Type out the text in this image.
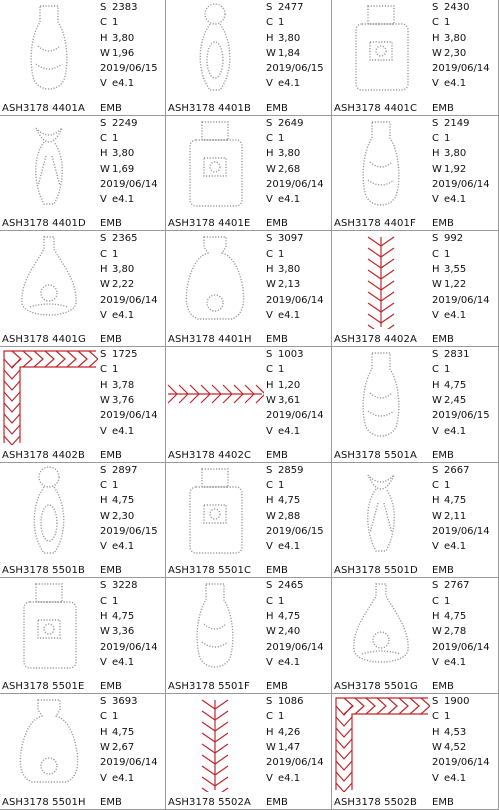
S 2383
C 1
H 3,80
W 1,96
2019/06/15
V e4.1
ASH3178 4401A EMB
S 2477
C 1
H 3,80
W 1,84
2019/06/15
V e4.1
ASH3178 4401B EMB
S 2430
C 1
H 3,80
W 2,30
2019/06/14
V e4.1
ASH3178 4401C EMB
S 2249
C 1
H 3,80
W 1,69
2019/06/14
V e4.1
ASH3178 4401D EMB
S 2649
C 1
H 3,80
W 2,68
2019/06/14
V e4.1
ASH3178 4401E EMB
S 2149
C 1
H 3,80
W 1,92
2019/06/14
V e4.1
ASH3178 4401F EMB
S 2365
C 1
H 3,80
W 2,22
2019/06/14
V e4.1
ASH3178 4401G EMB
S 3097
C 1
H 3,80
W 2,13
2019/06/14
V e4.1
ASH3178 4401H EMB
S 992
C 1
H 3,55
W 1,22
2019/06/14
V e4.1
ASH3178 4402A EMB
S 1725
C 1
H 3,78
W 3,76
2019/06/14
V e4.1
ASH3178 4402B EMB
S 1003
C 1
H 1,20
W 3,61
2019/06/14
V e4.1
ASH3178 4402C EMB
S 2831
C 1
H 4,75
W 2,45
2019/06/15
V e4.1
ASH3178 5501A EMB
S 2897
C 1
H 4,75
W 2,30
2019/06/15
V e4.1
ASH3178 5501B EMB
S 2859
C 1
H 4,75
W 2,88
2019/06/15
V e4.1
ASH3178 5501C EMB
S 2667
C 1
H 4,75
W 2,11
2019/06/14
V e4.1
ASH3178 5501D EMB
S 3228
C 1
H 4,75
W 3,36
2019/06/14
V e4.1
ASH3178 5501E EMB
S 2465
C 1
H 4,75
W 2,40
2019/06/14
V e4.1
ASH3178 5501F EMB
S 2767
C 1
H 4,75
W 2,78
2019/06/14
V e4.1
ASH3178 5501G EMB
S 3693
C 1
H 4,75
W 2,67
2019/06/14
V e4.1
ASH3178 5501H EMB
S 1086
C 1
H 4,26
W 1,47
2019/06/14
V e4.1
ASH3178 5502A EMB
S 1900
C 1
H 4,53
W 4,52
2019/06/14
V e4.1
ASH3178 5502B EMB
